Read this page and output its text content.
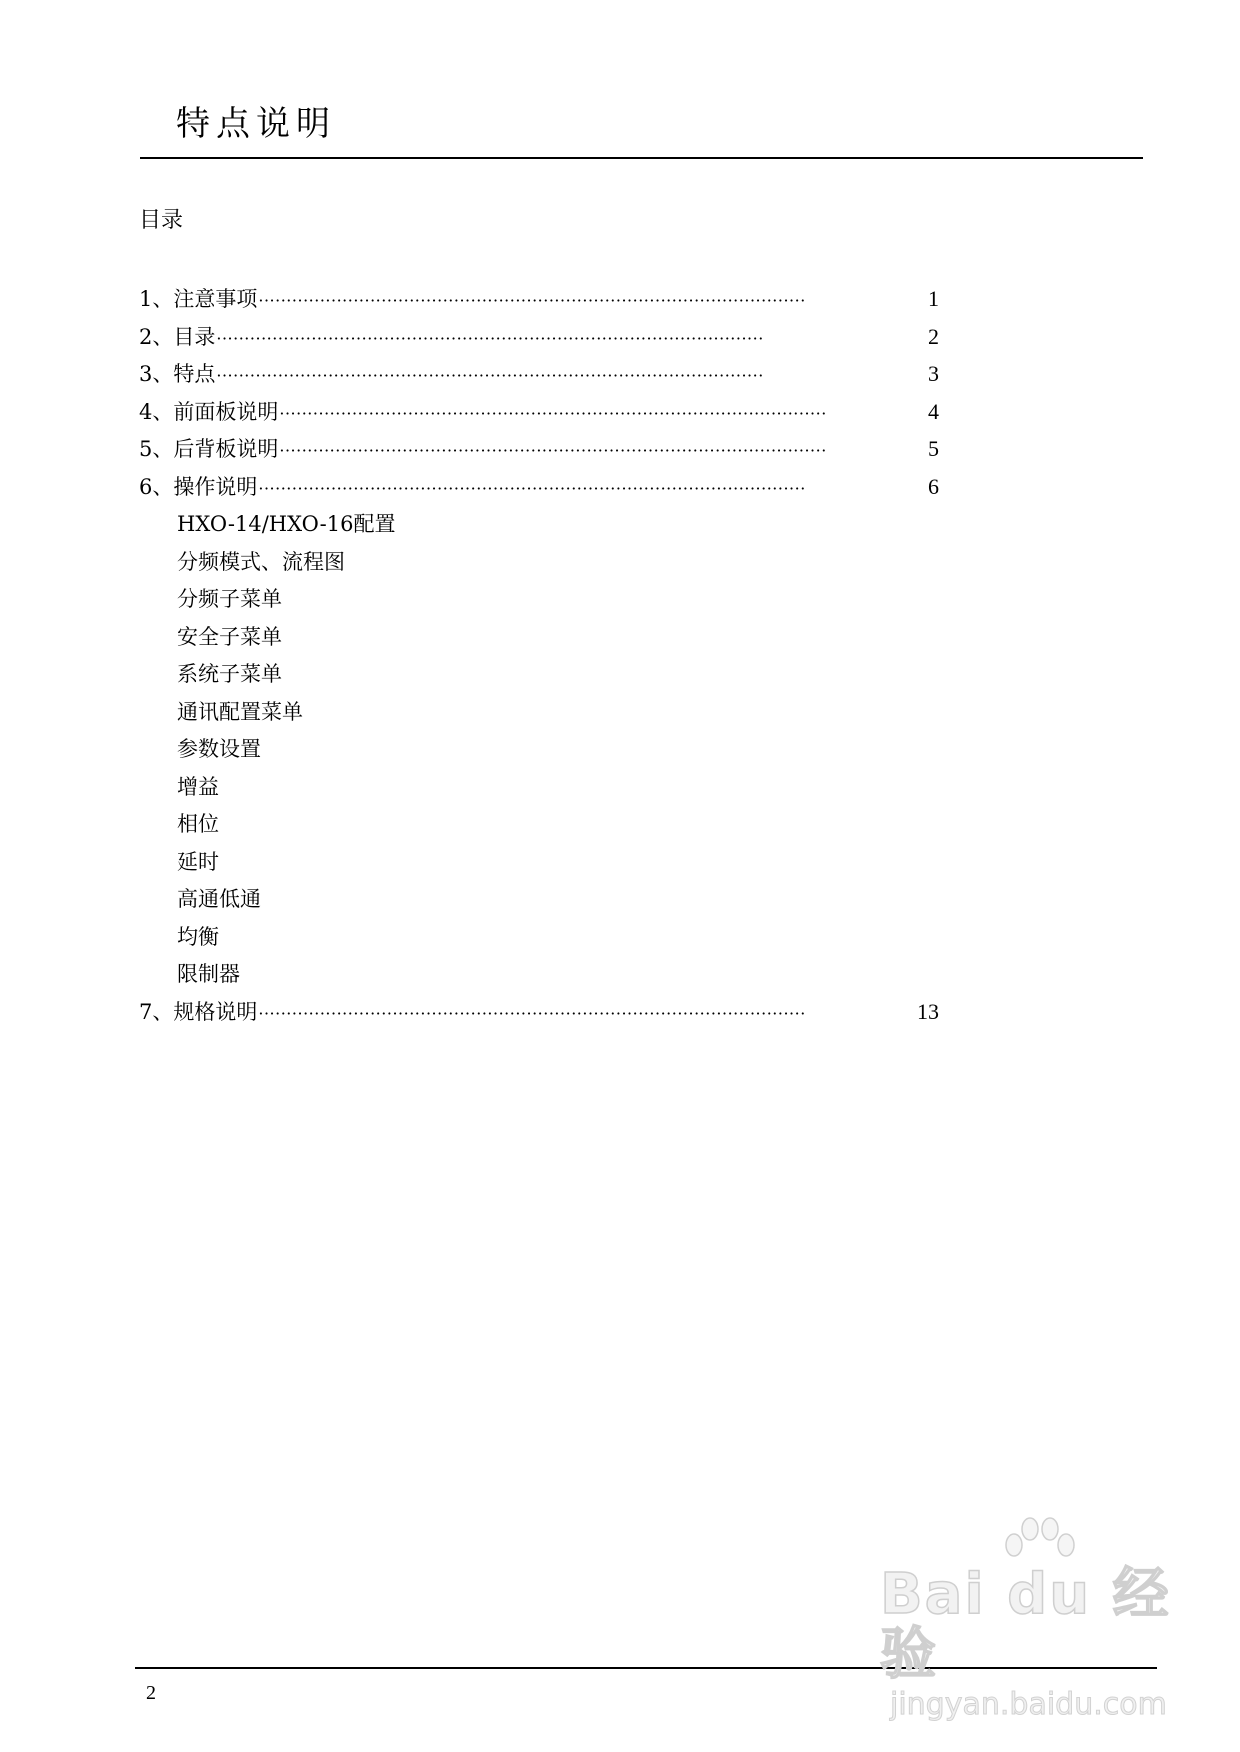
特点说明
目录
1、注意事项 ··································································································	1
2、目录 ··································································································	2
3、特点 ··································································································	3
4、前面板说明 ··································································································	4
5、后背板说明 ··································································································	5
6、操作说明 ··································································································	6
HXO-14/HXO-16配置
分频模式、流程图
分频子菜单
安全子菜单
系统子菜单
通讯配置菜单
参数设置
增益
相位
延时
高通低通
均衡
限制器
7、规格说明 ··································································································	13
2
Bai du 经验
jingyan.baidu.com
